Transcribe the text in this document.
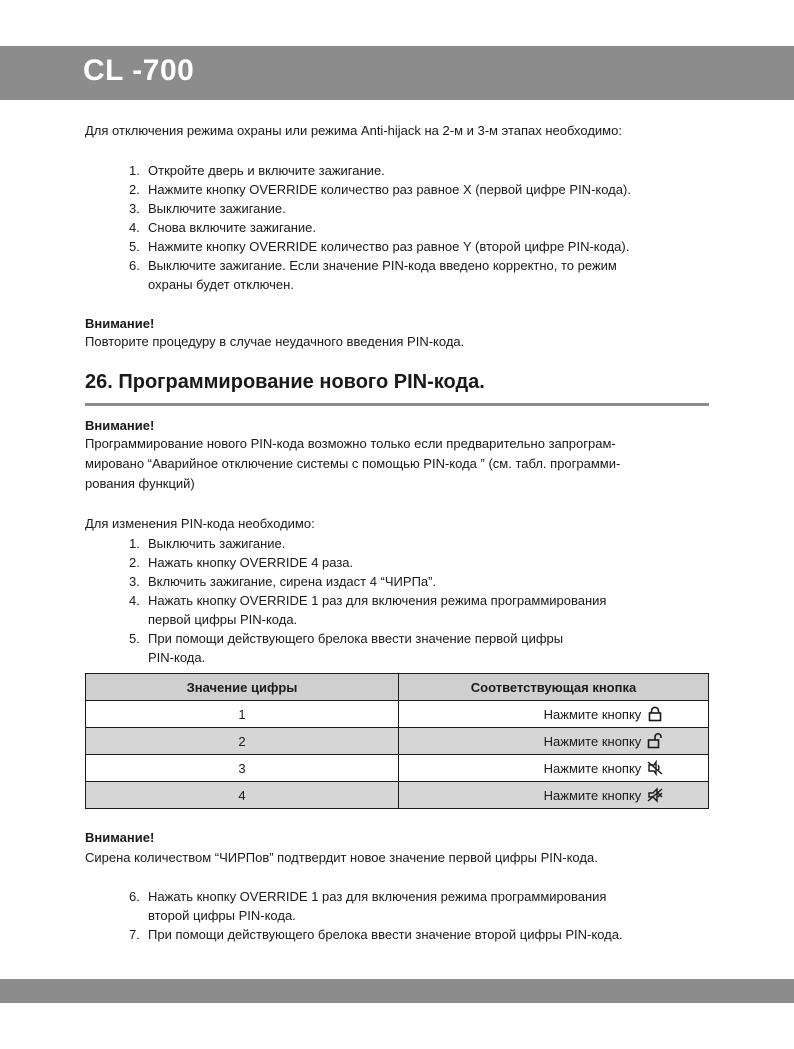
CL -700
Для отключения режима охраны или режима Anti-hijack на 2-м и 3-м этапах необходимо:
1. Откройте дверь и включите зажигание.
2. Нажмите кнопку OVERRIDE количество раз равное X (первой цифре PIN-кода).
3. Выключите зажигание.
4. Снова включите зажигание.
5. Нажмите кнопку OVERRIDE количество раз равное Y (второй цифре PIN-кода).
6. Выключите зажигание. Если значение PIN-кода введено корректно, то режим
охраны будет отключен.
Внимание!
Повторите процедуру в случае неудачного введения PIN-кода.
26. Программирование нового PIN-кода.
Внимание!
Программирование нового PIN-кода возможно только если предварительно запрограм-
мировано “Аварийное отключение системы с помощью PIN-кода ” (см. табл. программи-
рования функций)
Для изменения PIN-кода необходимо:
1. Выключить зажигание.
2. Нажать кнопку OVERRIDE 4 раза.
3. Включить зажигание, сирена издаст 4 “ЧИРПа”.
4. Нажать кнопку OVERRIDE 1 раз для включения режима программирования
первой цифры PIN-кода.
5. При помощи действующего брелока ввести значение первой цифры
PIN-кода.
Значение цифры	Соответствующая кнопка
1	Нажмите кнопку

2	Нажмите кнопку

3	Нажмите кнопку

4	Нажмите кнопку
Внимание!
Сирена количеством “ЧИРПов” подтвердит новое значение первой цифры PIN-кода.
6. Нажать кнопку OVERRIDE 1 раз для включения режима программирования
второй цифры PIN-кода.
7. При помощи действующего брелока ввести значение второй цифры PIN-кода.
